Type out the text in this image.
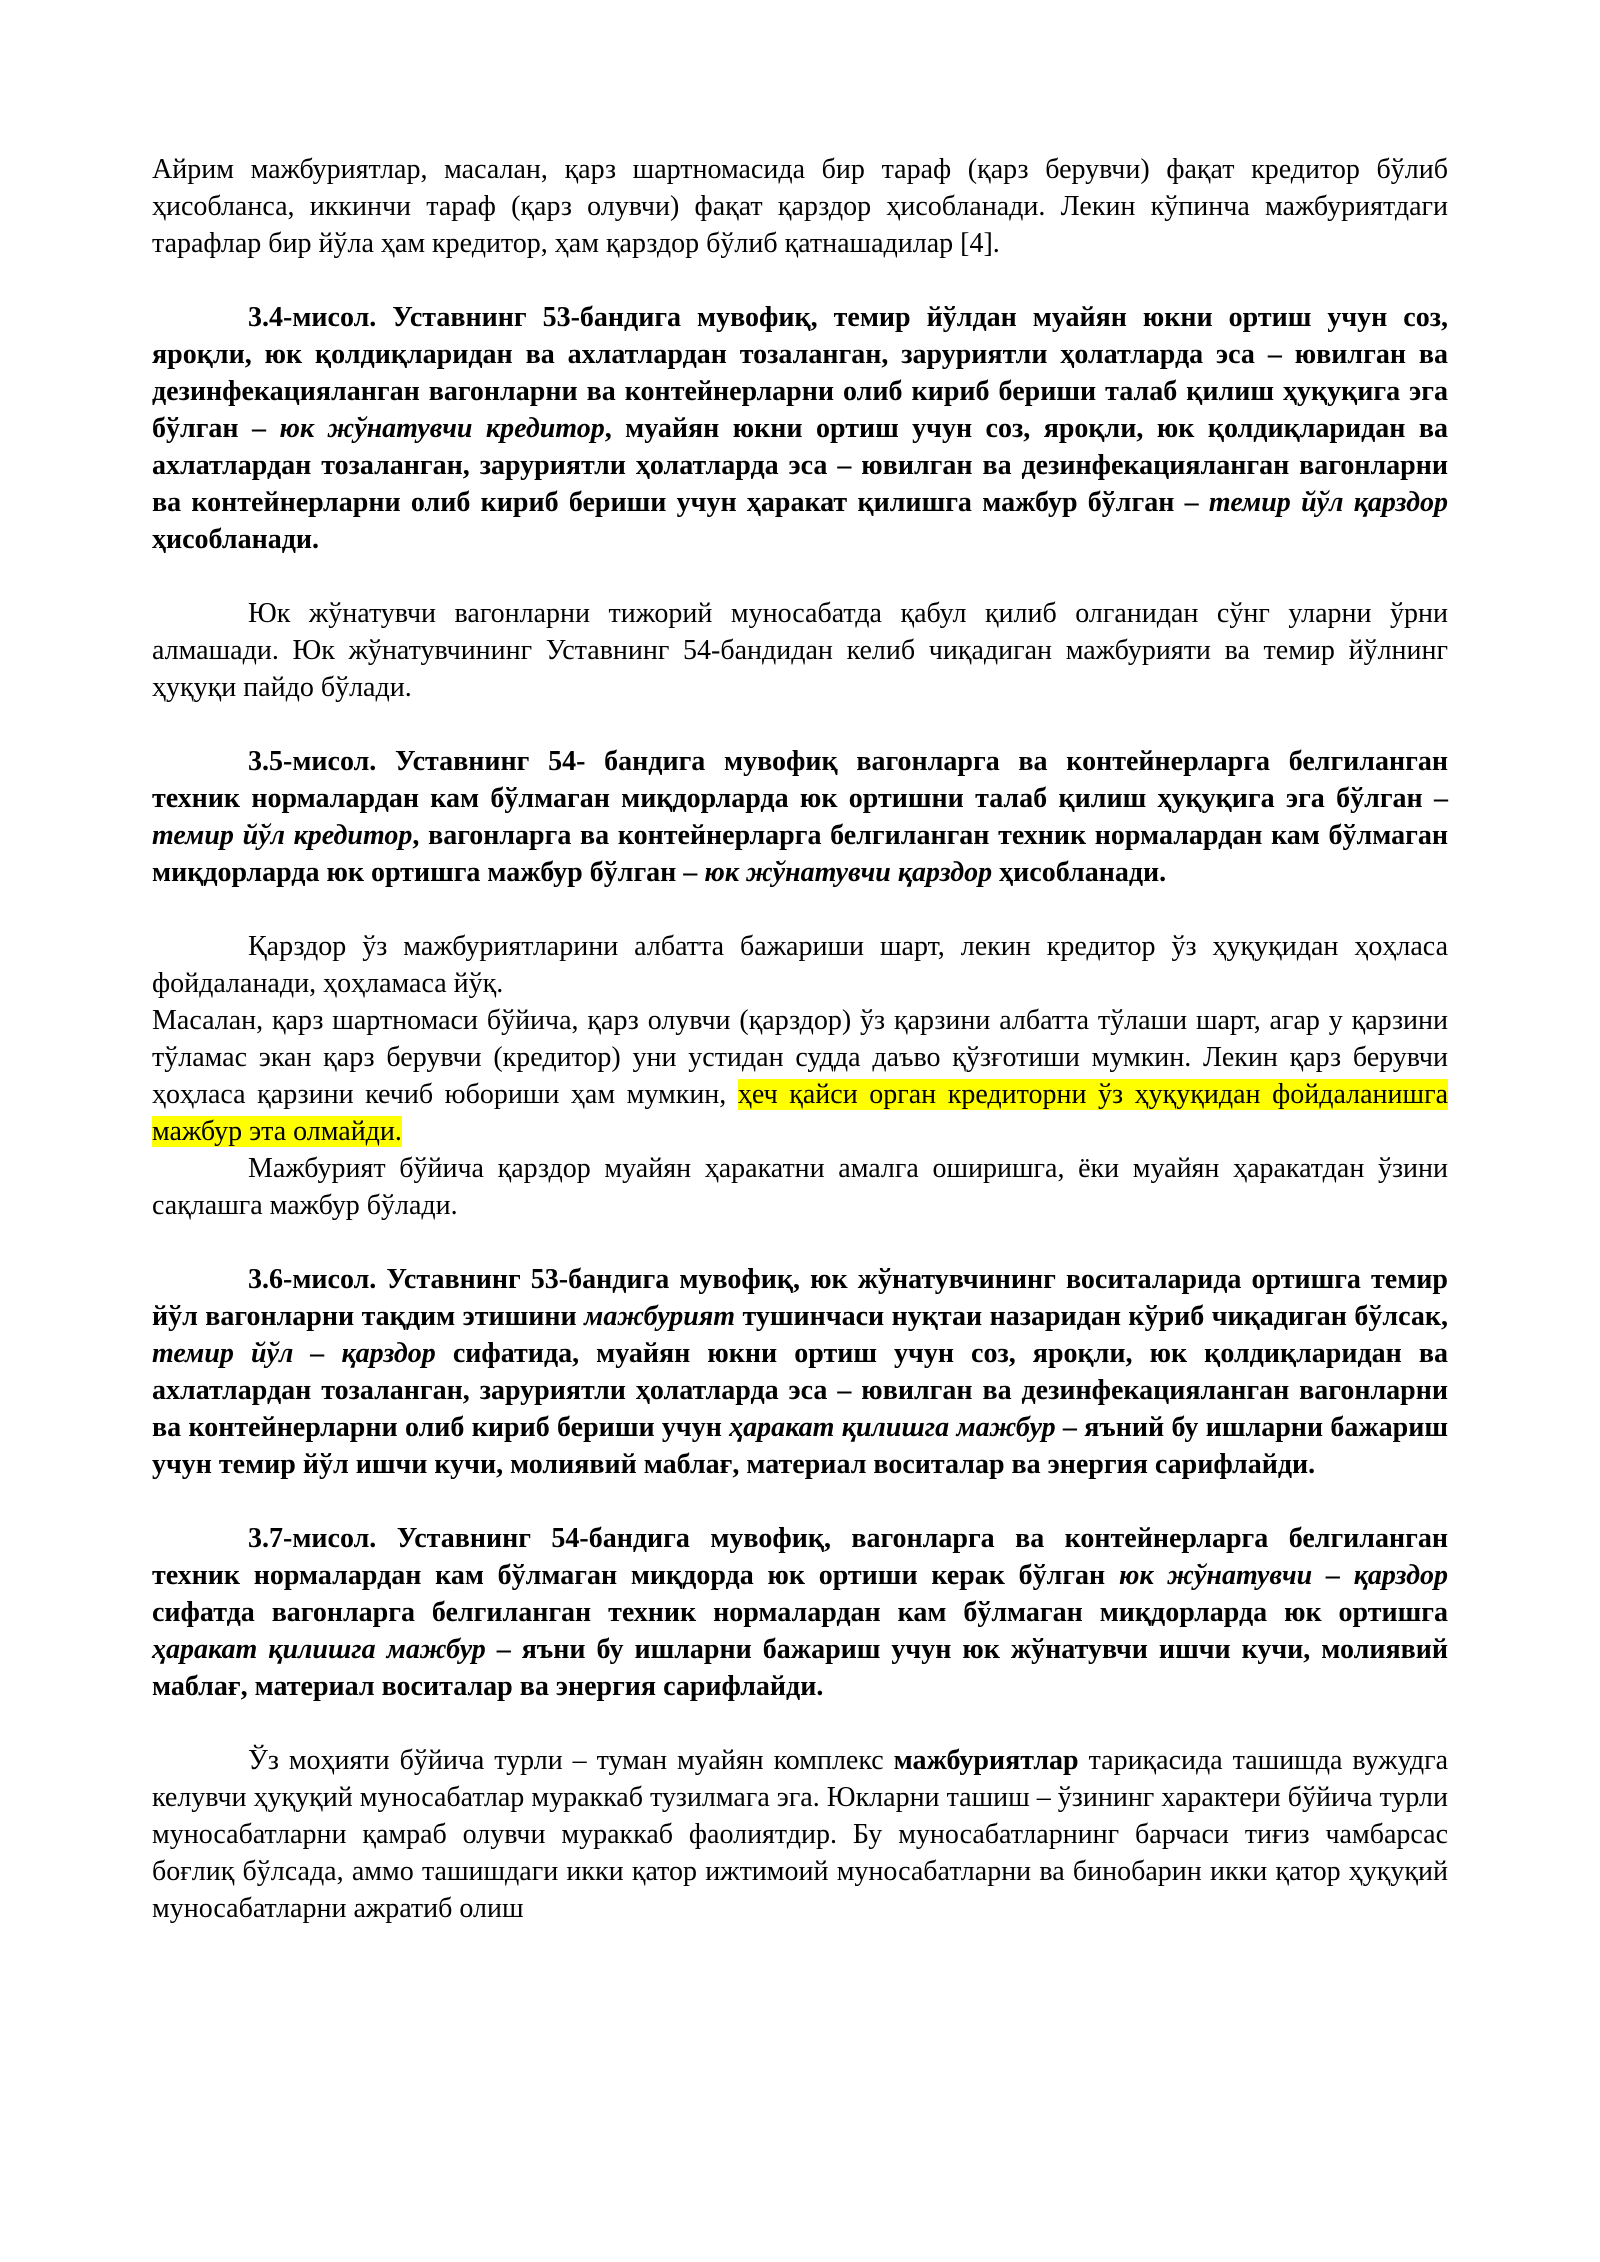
Айрим мажбуриятлар, масалан, қарз шартномасида бир тараф (қарз берувчи) фақат кредитор бўлиб ҳисобланса, иккинчи тараф (қарз олувчи) фақат қарздор ҳисобланади. Лекин кўпинча мажбуриятдаги тарафлар бир йўла ҳам кредитор, ҳам қарздор бўлиб қатнашадилар [4].

3.4-мисол. Уставнинг 53-бандига мувофиқ, темир йўлдан муайян юкни ортиш учун соз, яроқли, юк қолдиқларидан ва ахлатлардан тозаланган, заруриятли ҳолатларда эса – ювилган ва дезинфекацияланган вагонларни ва контейнерларни олиб кириб бериши талаб қилиш ҳуқуқига эга бўлган – юк жўнатувчи кредитор, муайян юкни ортиш учун соз, яроқли, юк қолдиқларидан ва ахлатлардан тозаланган, заруриятли ҳолатларда эса – ювилган ва дезинфекацияланган вагонларни ва контейнерларни олиб кириб бериши учун ҳаракат қилишга мажбур бўлган – темир йўл қарздор ҳисобланади.

Юк жўнатувчи вагонларни тижорий муносабатда қабул қилиб олганидан сўнг уларни ўрни алмашади. Юк жўнатувчининг Уставнинг 54-бандидан келиб чиқадиган мажбурияти ва темир йўлнинг ҳуқуқи пайдо бўлади.

3.5-мисол. Уставнинг 54- бандига мувофиқ вагонларга ва контейнерларга белгиланган техник нормалардан кам бўлмаган миқдорларда юк ортишни талаб қилиш ҳуқуқига эга бўлган – темир йўл кредитор, вагонларга ва контейнерларга белгиланган техник нормалардан кам бўлмаган миқдорларда юк ортишга мажбур бўлган – юк жўнатувчи қарздор ҳисобланади.

Қарздор ўз мажбуриятларини албатта бажариши шарт, лекин кредитор ўз ҳуқуқидан ҳоҳласа фойдаланади, ҳоҳламаса йўқ.

Масалан, қарз шартномаси бўйича, қарз олувчи (қарздор) ўз қарзини албатта тўлаши шарт, агар у қарзини тўламас экан қарз берувчи (кредитор) уни устидан судда даъво қўзғотиши мумкин. Лекин қарз берувчи ҳоҳласа қарзини кечиб юбориши ҳам мумкин, ҳеч қайси орган кредиторни ўз ҳуқуқидан фойдаланишга мажбур эта олмайди.

Мажбурият бўйича қарздор муайян ҳаракатни амалга оширишга, ёки муайян ҳаракатдан ўзини сақлашга мажбур бўлади.

3.6-мисол. Уставнинг 53-бандига мувофиқ, юк жўнатувчининг воситаларида ортишга темир йўл вагонларни тақдим этишини мажбурият тушинчаси нуқтаи назаридан кўриб чиқадиган бўлсак, темир йўл – қарздор сифатида, муайян юкни ортиш учун соз, яроқли, юк қолдиқларидан ва ахлатлардан тозаланган, заруриятли ҳолатларда эса – ювилган ва дезинфекацияланган вагонларни ва контейнерларни олиб кириб бериши учун ҳаракат қилишга мажбур – яъний бу ишларни бажариш учун темир йўл ишчи кучи, молиявий маблағ, материал воситалар ва энергия сарифлайди.

3.7-мисол. Уставнинг 54-бандига мувофиқ, вагонларга ва контейнерларга белгиланган техник нормалардан кам бўлмаган миқдорда юк ортиши керак бўлган юк жўнатувчи – қарздор сифатда вагонларга белгиланган техник нормалардан кам бўлмаган миқдорларда юк ортишга ҳаракат қилишга мажбур – яъни бу ишларни бажариш учун юк жўнатувчи ишчи кучи, молиявий маблағ, материал воситалар ва энергия сарифлайди.

Ўз моҳияти бўйича турли – туман муайян комплекс мажбуриятлар тариқасида ташишда вужудга келувчи ҳуқуқий муносабатлар мураккаб тузилмага эга. Юкларни ташиш – ўзининг характери бўйича турли муносабатларни қамраб олувчи мураккаб фаолиятдир. Бу муносабатларнинг барчаси тиғиз чамбарсас боғлиқ бўлсада, аммо ташишдаги икки қатор ижтимоий муносабатларни ва бинобарин икки қатор ҳуқуқий муносабатларни ажратиб олиш
